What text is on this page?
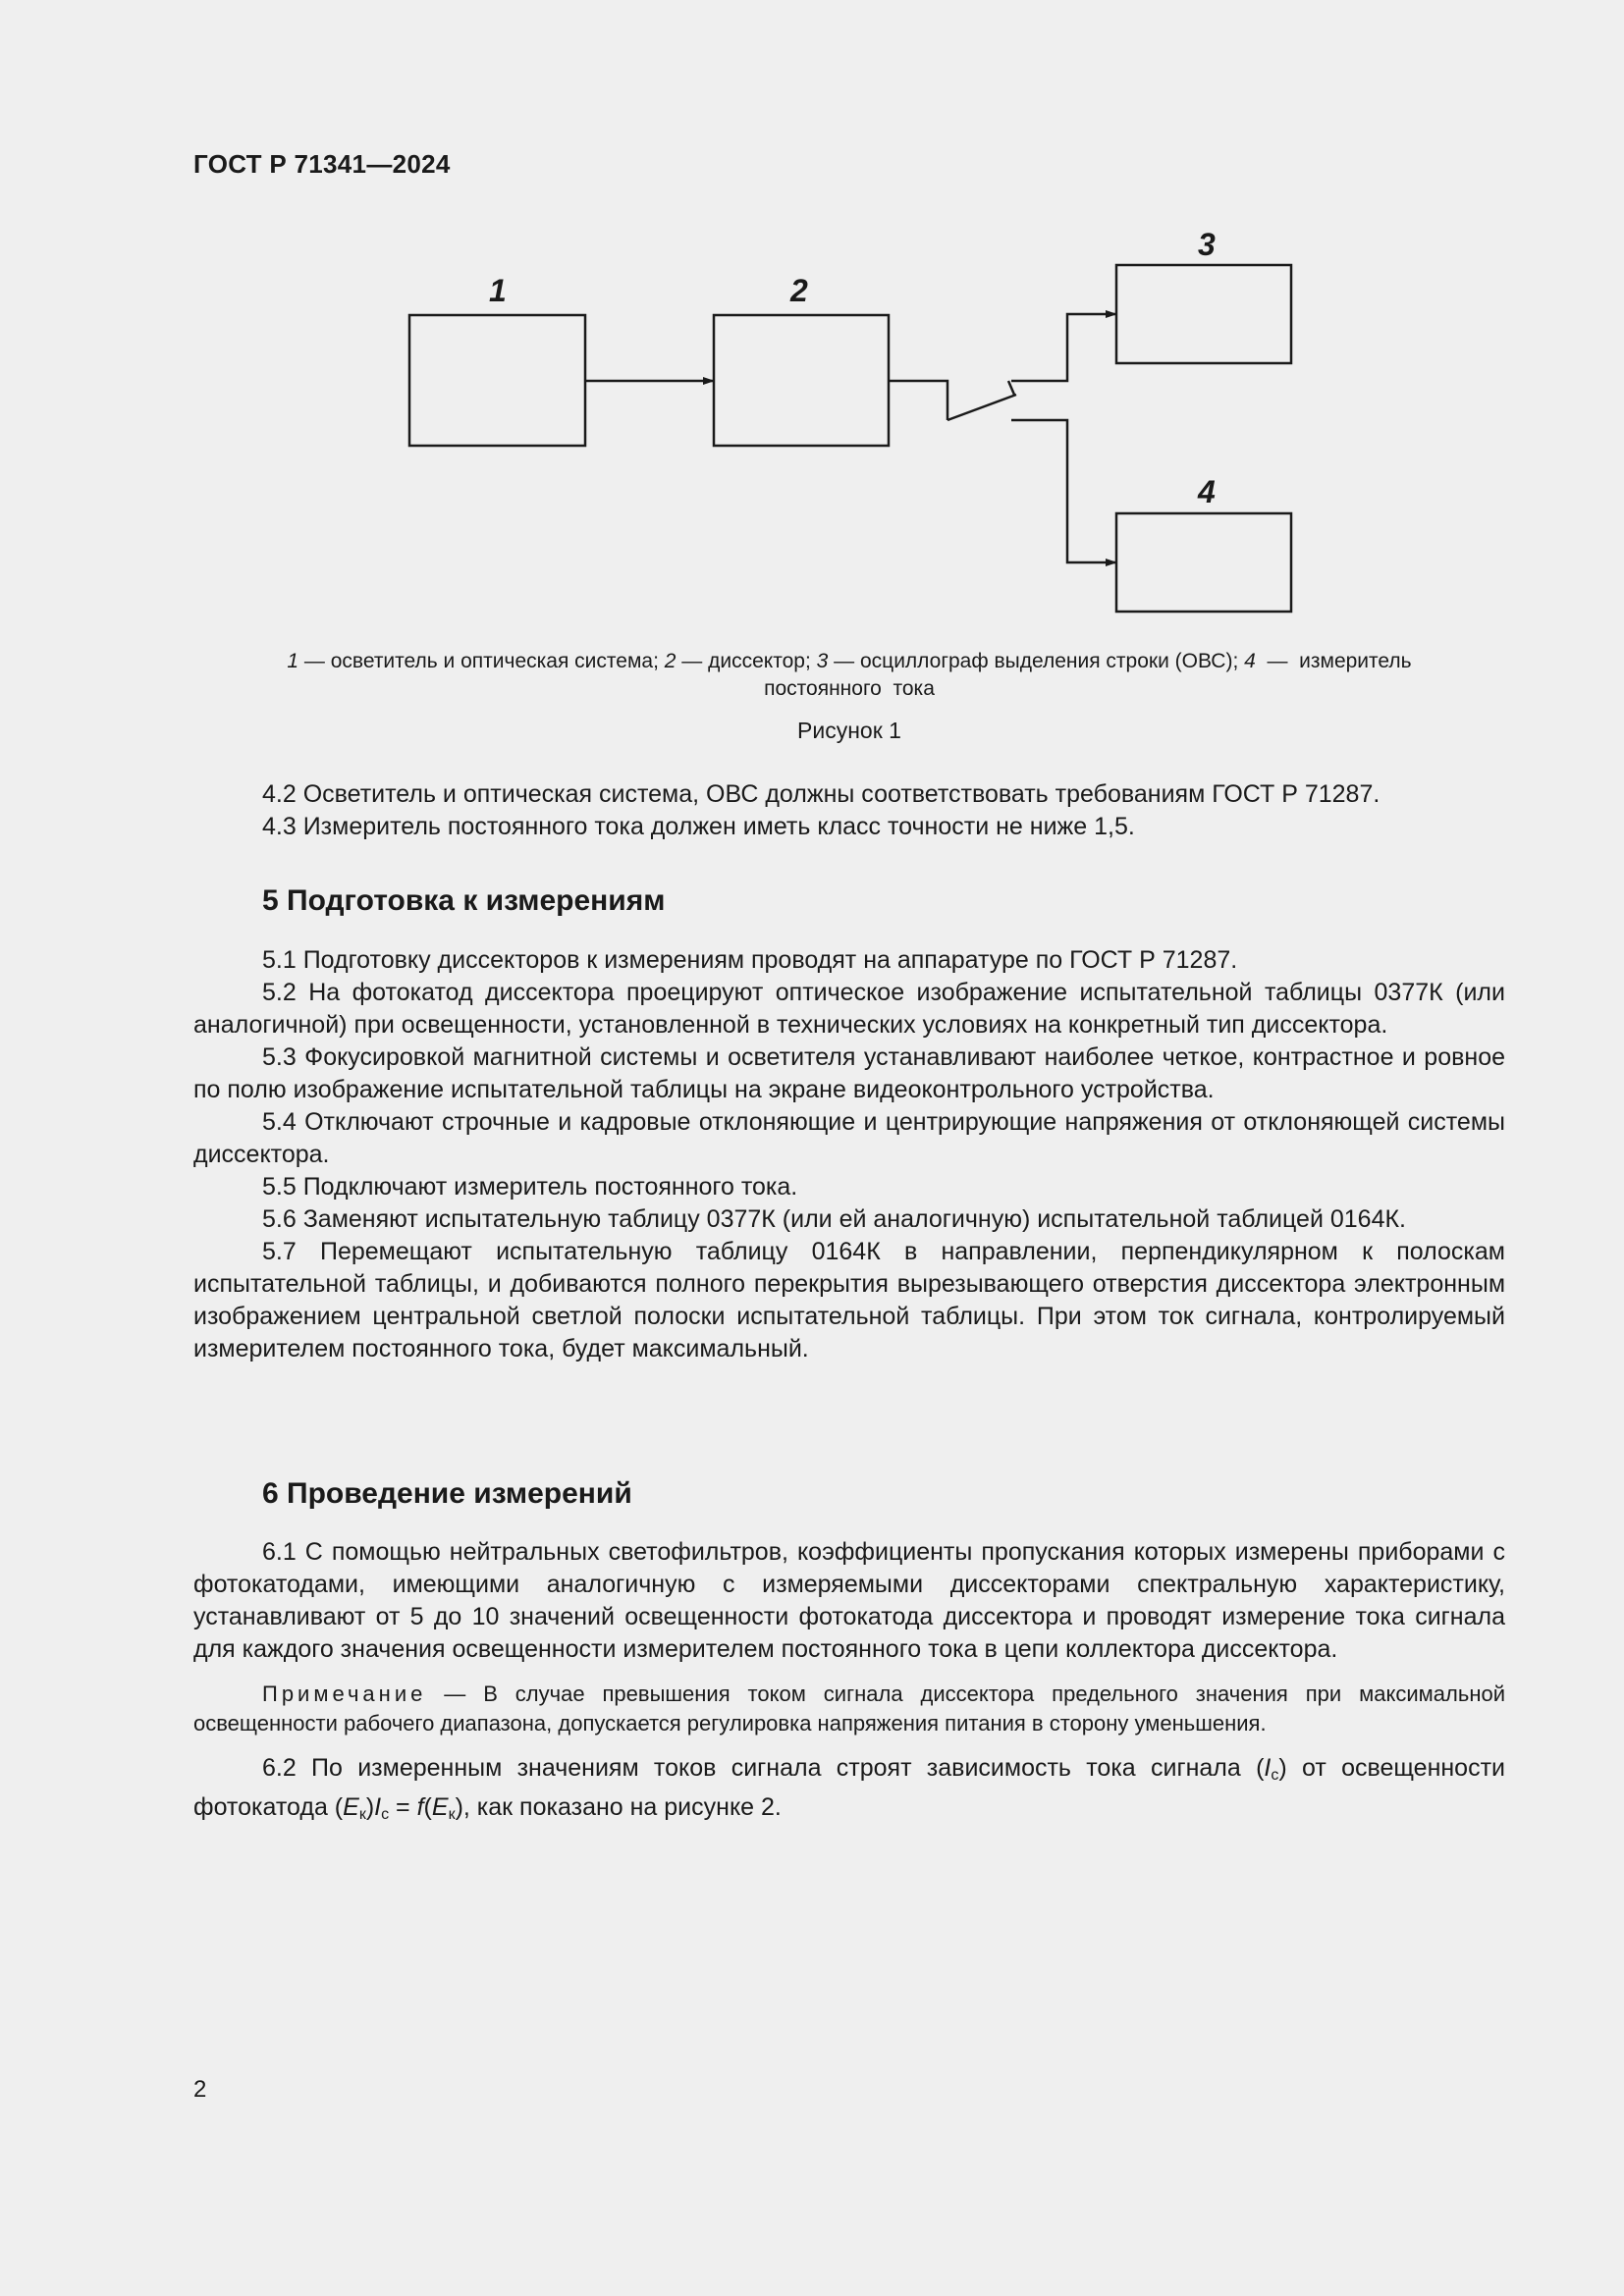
ГОСТ Р 71341—2024
1	2
3
4
1 — осветитель и оптическая система; 2 — диссектор; 3 — осциллограф выделения строки (ОВС); 4  —  измеритель
постоянного  тока
Рисунок 1

4.2 Осветитель и оптическая система, ОВС должны соответствовать требованиям ГОСТ Р 71287.

4.3 Измеритель постоянного тока должен иметь класс точности не ниже 1,5.

5 Подготовка к измерениям

5.1 Подготовку диссекторов к измерениям проводят на аппаратуре по ГОСТ Р 71287.

5.2 На фотокатод диссектора проецируют оптическое изображение испытательной таблицы 0377К (или аналогичной) при освещенности, установленной в технических условиях на конкретный тип диссектора.

5.3 Фокусировкой магнитной системы и осветителя устанавливают наиболее четкое, контрастное и ровное по полю изображение испытательной таблицы на экране видеоконтрольного устройства.

5.4 Отключают строчные и кадровые отклоняющие и центрирующие напряжения от отклоняющей системы диссектора.

5.5 Подключают измеритель постоянного тока.

5.6 Заменяют испытательную таблицу 0377К (или ей аналогичную) испытательной таблицей 0164К.

5.7 Перемещают испытательную таблицу 0164К в направлении, перпендикулярном к полоскам испытательной таблицы, и добиваются полного перекрытия вырезывающего отверстия диссектора электронным изображением центральной светлой полоски испытательной таблицы. При этом ток сигнала, контролируемый измерителем постоянного тока, будет максимальный.

6 Проведение измерений

6.1 С помощью нейтральных светофильтров, коэффициенты пропускания которых измерены приборами с фотокатодами, имеющими аналогичную с измеряемыми диссекторами спектральную характеристику, устанавливают от 5 до 10 значений освещенности фотокатода диссектора и проводят измерение тока сигнала для каждого значения освещенности измерителем постоянного тока в цепи коллектора диссектора.

Примечание — В случае превышения током сигнала диссектора предельного значения при максимальной освещенности рабочего диапазона, допускается регулировка напряжения питания в сторону уменьшения.

6.2 По измеренным значениям токов сигнала строят зависимость тока сигнала $(I_с)$ от освещенности фотокатода $(E_к)I_с = f(E_к)$, как показано на рисунке 2.

2
